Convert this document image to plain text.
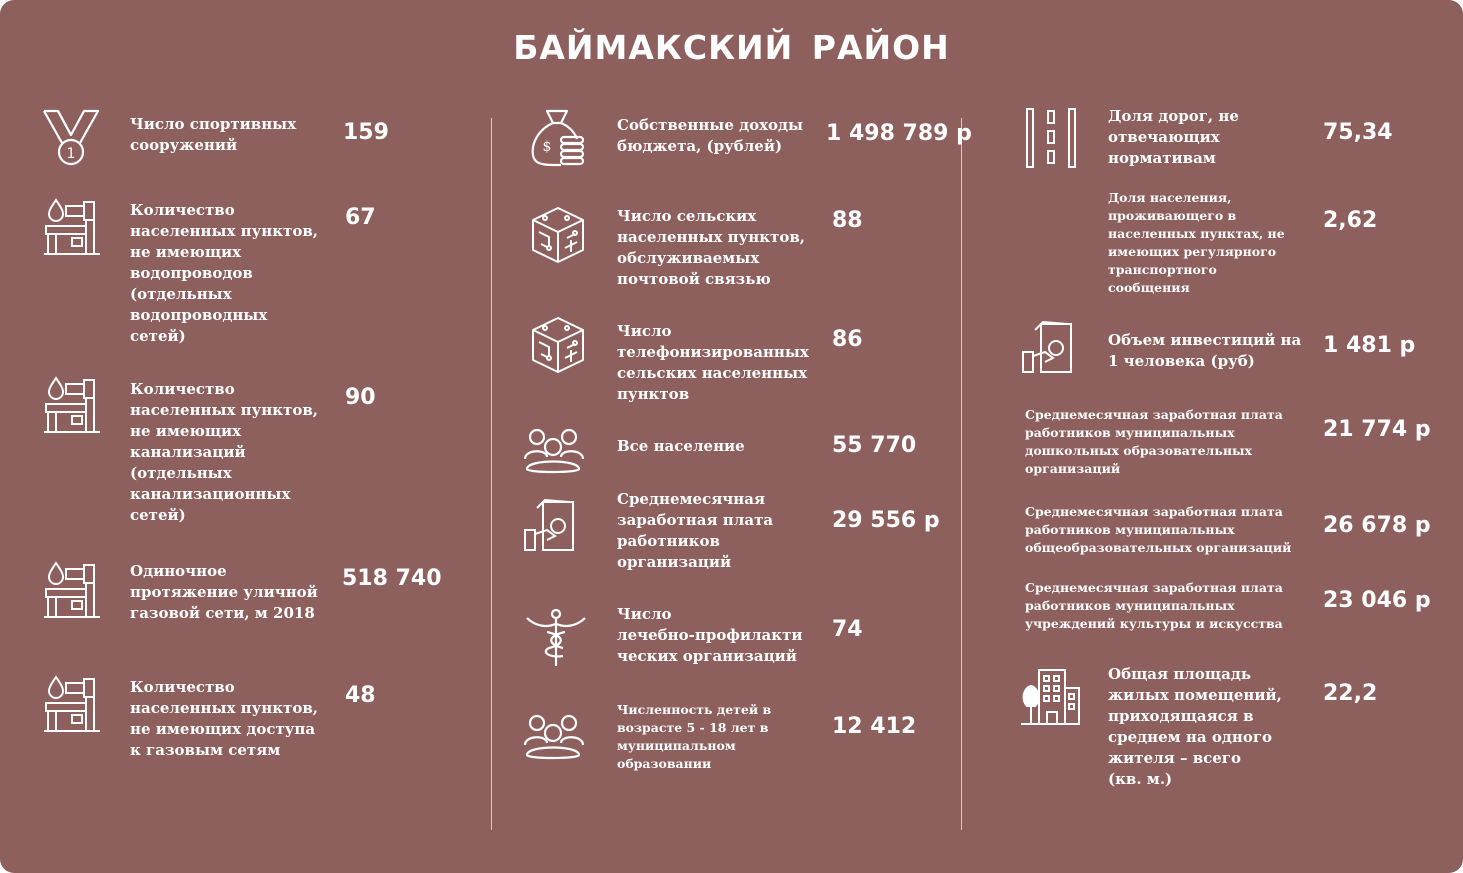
БАЙМАКСКИЙ РАЙОН
1
Число спортивных
сооружений	159
Количество
населенных пунктов,
не имеющих
водопроводов
(отдельных
водопроводных
сетей)
67
Количество
населенных пунктов,
не имеющих
канализаций
(отдельных
канализационных
сетей)
90
Одиночное
протяжение уличной
газовой сети, м 2018
518 740
Количество
населенных пунктов,
не имеющих доступа
к газовым сетям
48
$
Собственные доходы
бюджета, (рублей)	1 498 789 р
Число сельских
населенных пунктов,
обслуживаемых
почтовой связью
88
Число
телефонизированных
сельских населенных
пунктов
86
Все население	55 770
Среднемесячная
заработная плата
работников
организаций
29 556 р
Число
лечебно-профилакти
ческих организаций
74
Численность детей в
возрасте 5 - 18 лет в
муниципальном
образовании
12 412
Доля дорог, не
отвечающих
нормативам
75,34
Доля населения,
проживающего в
населенных пунктах, не
имеющих регулярного
транспортного
сообщения
2,62
Объем инвестиций на
1 человека (руб)
1 481 р
Среднемесячная заработная плата
работников муниципальных
дошкольных образовательных
организаций
21 774 р
Среднемесячная заработная плата
работников муниципальных
общеобразовательных организаций
26 678 р
Среднемесячная заработная плата
работников муниципальных
учреждений культуры и искусства
23 046 р
Общая площадь
жилых помещений,
приходящаяся в
среднем на одного
жителя – всего
(кв. м.)
22,2
